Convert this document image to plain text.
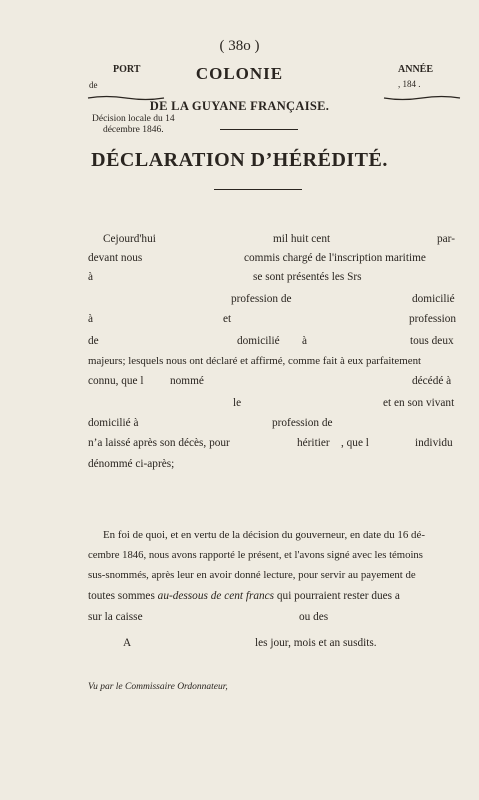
( 38o )
PORT
de
COLONIE	ANNÉE
, 184 .
DE LA GUYANE FRANÇAISE.
Décision locale du 14
décembre 1846.
DÉCLARATION D’HÉRÉDITÉ.
Cejourd'hui	mil huit cent	par-
devant nous	commis chargé de l'inscription maritime
à	se sont présentés les Srs
profession de	domicilié
à	et	profession
de	domicilié à	tous deux
majeurs; lesquels nous ont déclaré et affirmé, comme fait à eux parfaitement
connu, que l nommé	décédé à
le	et en son vivant
domicilié à	profession de
n’a laissé après son décès, pour	héritier , que l	individu
dénommé ci-après;
En foi de quoi, et en vertu de la décision du gouverneur, en date du 16 dé-
cembre 1846, nous avons rapporté le présent, et l'avons signé avec les témoins
sus-snommés, après leur en avoir donné lecture, pour servir au payement de
toutes sommes au-dessous de cent francs qui pourraient rester dues a
sur la caisse	ou des
A	les jour, mois et an susdits.
Vu par le Commissaire Ordonnateur,
